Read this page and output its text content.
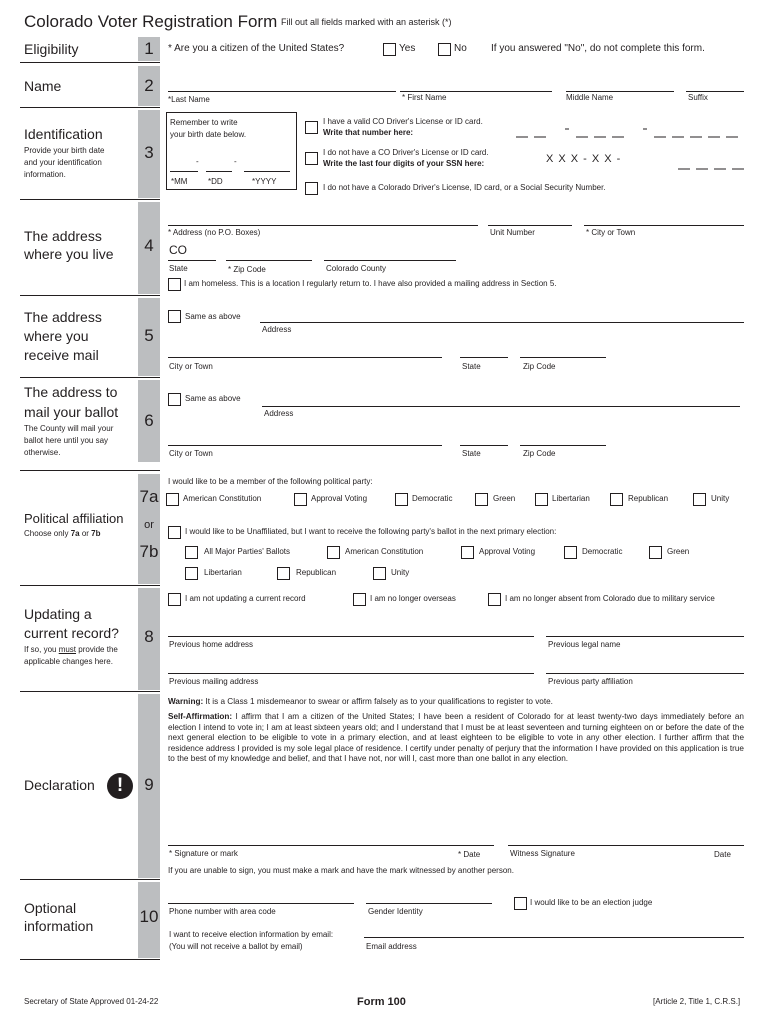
Colorado Voter Registration Form Fill out all fields marked with an asterisk (*)
Eligibility	1	* Are you a citizen of the United States?	Yes	No If you answered "No", do not complete this form.
Name	2
*Last Name	* First Name	Middle Name	Suffix
Identification
Provide your birth date
and your identification
information.
3
Remember to write
your birth date below.
-	-
*MM	*DD	*YYYY
I have a valid CO Driver's License or ID card.
Write that number here:
I do not have a CO Driver's License or ID card.
Write the last four digits of your SSN here:	X X X - X X -
I do not have a Colorado Driver's License, ID card, or a Social Security Number.
The address
where you live	4
* Address (no P.O. Boxes)	Unit Number	* City or Town
CO
State	* Zip Code	Colorado County
I am homeless. This is a location I regularly return to. I have also provided a mailing address in Section 5.
The address
where you
receive mail
5
Same as above
Address
City or Town	State	Zip Code
The address to
mail your ballot
The County will mail your
ballot here until you say
otherwise.
6
Same as above
Address
City or Town	State	Zip Code
Political affiliation
Choose only 7a or 7b
7a
or
7b
I would like to be a member of the following political party:
American Constitution	Approval Voting	Democratic	Green	Libertarian	Republican	Unity
I would like to be Unaffiliated, but I want to receive the following party's ballot in the next primary election:
All Major Parties' Ballots	American Constitution	Approval Voting	Democratic	Green
Libertarian	Republican	Unity
Updating a
current record?
If so, you must provide the
applicable changes here.
8
I am not updating a current record	I am no longer overseas	I am no longer absent from Colorado due to military service
Previous home address	Previous legal name
Previous mailing address	Previous party affiliation
Declaration	!	9
Warning: It is a Class 1 misdemeanor to swear or affirm falsely as to your qualifications to register to vote.
Self-Affirmation: I affirm that I am a citizen of the United States; I have been a resident of Colorado for at least twenty-two days immediately before an election I intend to vote in; I am at least sixteen years old; and I understand that I must be at least seventeen and turning eighteen on or before the date of the next general election to be eligible to vote in a primary election, and at least eighteen to be eligible to vote in any other election. I further affirm that the residence address I provided is my sole legal place of residence. I certify under penalty of perjury that the information I have provided on this application is true to the best of my knowledge and belief, and that I have not, nor will I, cast more than one ballot in any election.
* Signature or mark	* Date	Witness Signature	Date
If you are unable to sign, you must make a mark and have the mark witnessed by another person.
Optional
information	10 Phone number with area code	Gender Identity
I would like to be an election judge
I want to receive election information by email:
(You will not receive a ballot by email)	Email address
Secretary of State Approved 01-24-22	Form 100	[Article 2, Title 1, C.R.S.]
